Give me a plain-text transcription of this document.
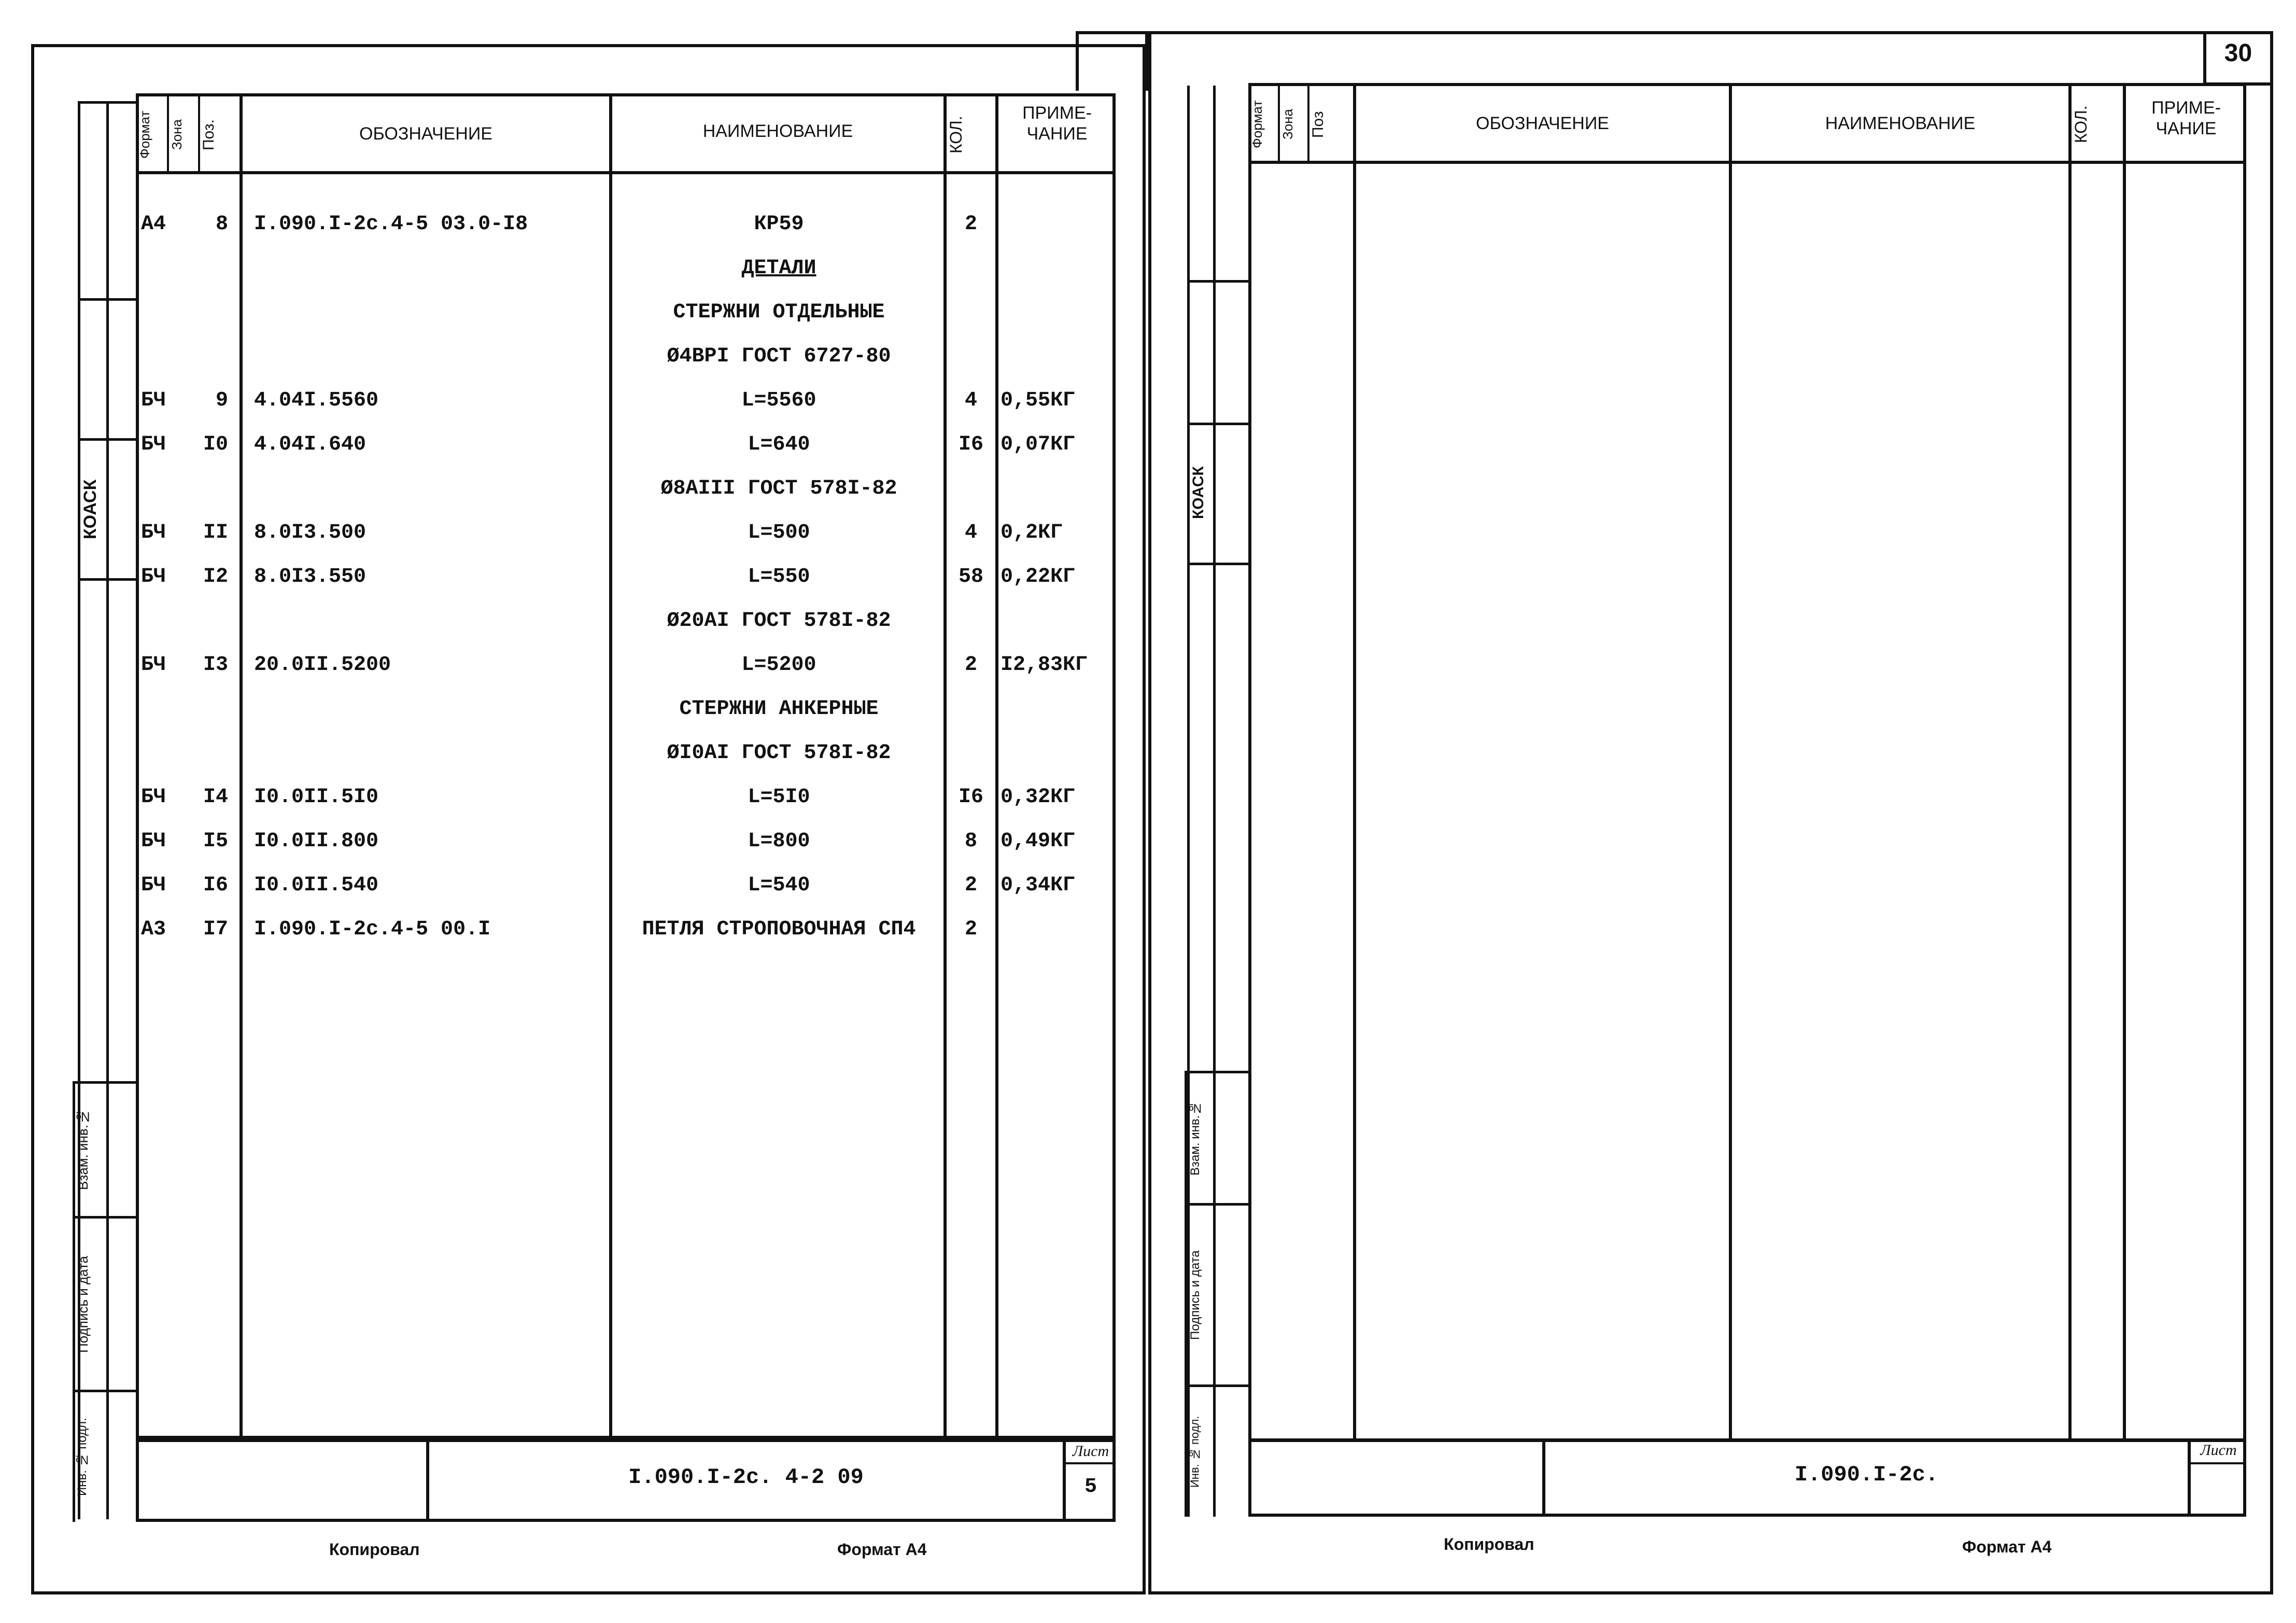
Формат	Зона	Поз.	ОБОЗНАЧЕНИЕ	НАИМЕНОВАНИЕ	КОЛ.
ПРИМЕ-
ЧАНИЕ
А4	8 I.090.I-2с.4-5 03.0-I8	КР59	2
ДЕТАЛИ
СТЕРЖНИ ОТДЕЛЬНЫЕ
Ø4ВРI ГОСТ 6727-80
БЧ	9 4.04I.5560	L=5560	4	0,55КГ
БЧ	I0 4.04I.640	L=640	I6 0,07КГ
Ø8АIII ГОСТ 578I-82
БЧ	II 8.0I3.500	L=500	4	0,2КГ
БЧ	I2 8.0I3.550	L=550	58 0,22КГ
Ø20АI ГОСТ 578I-82
БЧ	I3 20.0II.5200	L=5200	2	I2,83КГ
СТЕРЖНИ АНКЕРНЫЕ
ØI0АI ГОСТ 578I-82
БЧ	I4 I0.0II.5I0	L=5I0	I6 0,32КГ
БЧ	I5 I0.0II.800	L=800	8	0,49КГ
БЧ	I6 I0.0II.540	L=540	2	0,34КГ
А3	I7 I.090.I-2с.4-5 00.I	ПЕТЛЯ СТРОПОВОЧНАЯ СП4	2
I.090.I-2с. 4-2 09
Лист
5
КОАСК
Взам. инв.№
Подпись и дата
Инв. № подл.
Копировал	Формат А4
30
Формат	Зона Поз	ОБОЗНАЧЕНИЕ	НАИМЕНОВАНИЕ	КОЛ.	ПРИМЕ-
ЧАНИЕ
I.090.I-2с.
Лист
КОАСК
Взам. инв.№
Подпись и дата
Инв. № подл.
Копировал	Формат А4
